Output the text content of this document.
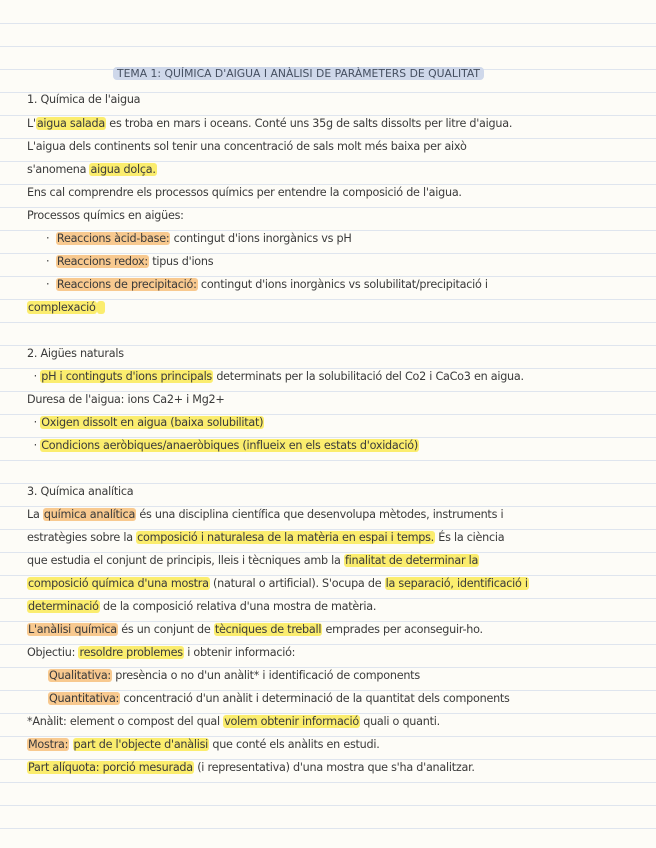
TEMA 1: QUÍMICA D'AIGUA I ANÀLISI DE PARÀMETERS DE QUALITAT
1. Química de l'aigua
L'aigua salada es troba en mars i oceans. Conté uns 35g de salts dissolts per litre d'aigua.
L'aigua dels continents sol tenir una concentració de sals molt més baixa per això
s'anomena aigua dolça.
Ens cal comprendre els processos químics per entendre la composició de l'aigua.
Processos químics en aigües:
·  Reaccions àcid-base: contingut d'ions inorgànics vs pH
·  Reaccions redox: tipus d'ions
·  Reaccions de precipitació: contingut d'ions inorgànics vs solubilitat/precipitació i
complexació
2. Aigües naturals
· pH i continguts d'ions principals determinats per la solubilitació del Co2 i CaCo3 en aigua.
Duresa de l'aigua: ions Ca2+ i Mg2+
· Oxigen dissolt en aigua (baixa solubilitat)
· Condicions aeròbiques/anaeròbiques (influeix en els estats d'oxidació)
3. Química analítica
La química analítica és una disciplina científica que desenvolupa mètodes, instruments i
estratègies sobre la composició i naturalesa de la matèria en espai i temps. És la ciència
que estudia el conjunt de principis, lleis i tècniques amb la finalitat de determinar la
composició química d'una mostra (natural o artificial). S'ocupa de la separació, identificació i
determinació de la composició relativa d'una mostra de matèria.
L'anàlisi química és un conjunt de tècniques de treball emprades per aconseguir-ho.
Objectiu: resoldre problemes i obtenir informació:
Qualitativa: presència o no d'un anàlit* i identificació de components
Quantitativa: concentració d'un anàlit i determinació de la quantitat dels components
*Anàlit: element o compost del qual volem obtenir informació quali o quanti.
Mostra: part de l'objecte d'anàlisi que conté els anàlits en estudi.
Part alíquota: porció mesurada (i representativa) d'una mostra que s'ha d'analitzar.
